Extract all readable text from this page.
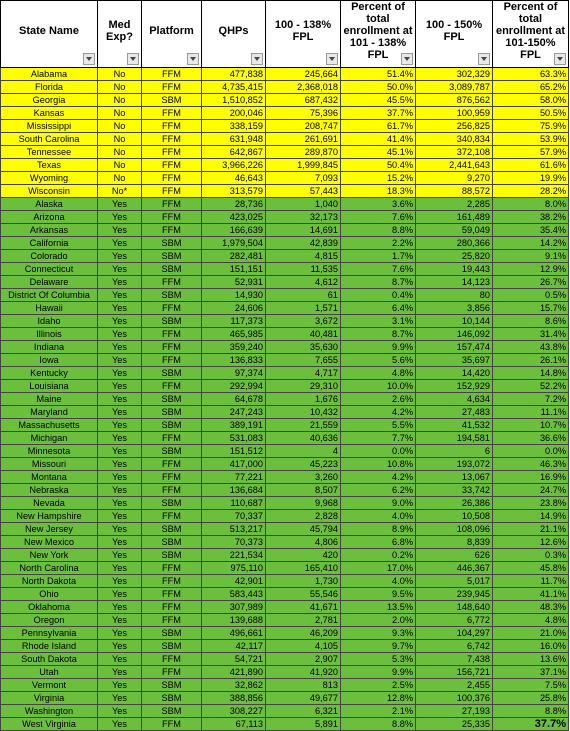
State Name	Med Exp?	Platform	QHPs	100 - 138% FPL	Percent of total enrollment at 101 - 138% FPL	100 - 150% FPL	Percent of total enrollment at 101-150% FPL

Alabama	No	FFM	477,838	245,664	51.4%	302,329	63.3%
Florida	No	FFM	4,735,415	2,368,018	50.0%	3,089,787	65.2%
Georgia	No	SBM	1,510,852	687,432	45.5%	876,562	58.0%
Kansas	No	FFM	200,046	75,396	37.7%	100,959	50.5%
Mississippi	No	FFM	338,159	208,747	61.7%	256,825	75.9%
South Carolina	No	FFM	631,948	261,691	41.4%	340,834	53.9%
Tennessee	No	FFM	642,867	289,870	45.1%	372,108	57.9%
Texas	No	FFM	3,966,226	1,999,845	50.4%	2,441,643	61.6%
Wyoming	No	FFM	46,643	7,093	15.2%	9,270	19.9%
Wisconsin	No*	FFM	313,579	57,443	18.3%	88,572	28.2%
Alaska	Yes	FFM	28,736	1,040	3.6%	2,285	8.0%
Arizona	Yes	FFM	423,025	32,173	7.6%	161,489	38.2%
Arkansas	Yes	FFM	166,639	14,691	8.8%	59,049	35.4%
California	Yes	SBM	1,979,504	42,839	2.2%	280,366	14.2%
Colorado	Yes	SBM	282,481	4,815	1.7%	25,820	9.1%
Connecticut	Yes	SBM	151,151	11,535	7.6%	19,443	12.9%
Delaware	Yes	FFM	52,931	4,612	8.7%	14,123	26.7%
District Of Columbia	Yes	SBM	14,930	61	0.4%	80	0.5%
Hawaii	Yes	FFM	24,606	1,571	6.4%	3,856	15.7%
Idaho	Yes	SBM	117,373	3,672	3.1%	10,144	8.6%
Illinois	Yes	FFM	465,985	40,481	8.7%	146,092	31.4%
Indiana	Yes	FFM	359,240	35,630	9.9%	157,474	43.8%
Iowa	Yes	FFM	136,833	7,655	5.6%	35,697	26.1%
Kentucky	Yes	SBM	97,374	4,717	4.8%	14,420	14.8%
Louisiana	Yes	FFM	292,994	29,310	10.0%	152,929	52.2%
Maine	Yes	SBM	64,678	1,676	2.6%	4,634	7.2%
Maryland	Yes	SBM	247,243	10,432	4.2%	27,483	11.1%
Massachusetts	Yes	SBM	389,191	21,559	5.5%	41,532	10.7%
Michigan	Yes	FFM	531,083	40,636	7.7%	194,581	36.6%
Minnesota	Yes	SBM	151,512	4	0.0%	6	0.0%
Missouri	Yes	FFM	417,000	45,223	10.8%	193,072	46.3%
Montana	Yes	FFM	77,221	3,260	4.2%	13,067	16.9%
Nebraska	Yes	FFM	136,684	8,507	6.2%	33,742	24.7%
Nevada	Yes	SBM	110,687	9,968	9.0%	26,386	23.8%
New Hampshire	Yes	FFM	70,337	2,828	4.0%	10,508	14.9%
New Jersey	Yes	SBM	513,217	45,794	8.9%	108,096	21.1%
New Mexico	Yes	SBM	70,373	4,806	6.8%	8,839	12.6%
New York	Yes	SBM	221,534	420	0.2%	626	0.3%
North Carolina	Yes	FFM	975,110	165,410	17.0%	446,367	45.8%
North Dakota	Yes	FFM	42,901	1,730	4.0%	5,017	11.7%
Ohio	Yes	FFM	583,443	55,546	9.5%	239,945	41.1%
Oklahoma	Yes	FFM	307,989	41,671	13.5%	148,640	48.3%
Oregon	Yes	FFM	139,688	2,781	2.0%	6,772	4.8%
Pennsylvania	Yes	SBM	496,661	46,209	9.3%	104,297	21.0%
Rhode Island	Yes	SBM	42,117	4,105	9.7%	6,742	16.0%
South Dakota	Yes	FFM	54,721	2,907	5.3%	7,438	13.6%
Utah	Yes	FFM	421,890	41,920	9.9%	156,721	37.1%
Vermont	Yes	SBM	32,862	813	2.5%	2,455	7.5%
Virginia	Yes	SBM	388,856	49,677	12.8%	100,376	25.8%
Washington	Yes	SBM	308,227	6,321	2.1%	27,193	8.8%
West Virginia	Yes	FFM	67,113	5,891	8.8%	25,335	37.7%
